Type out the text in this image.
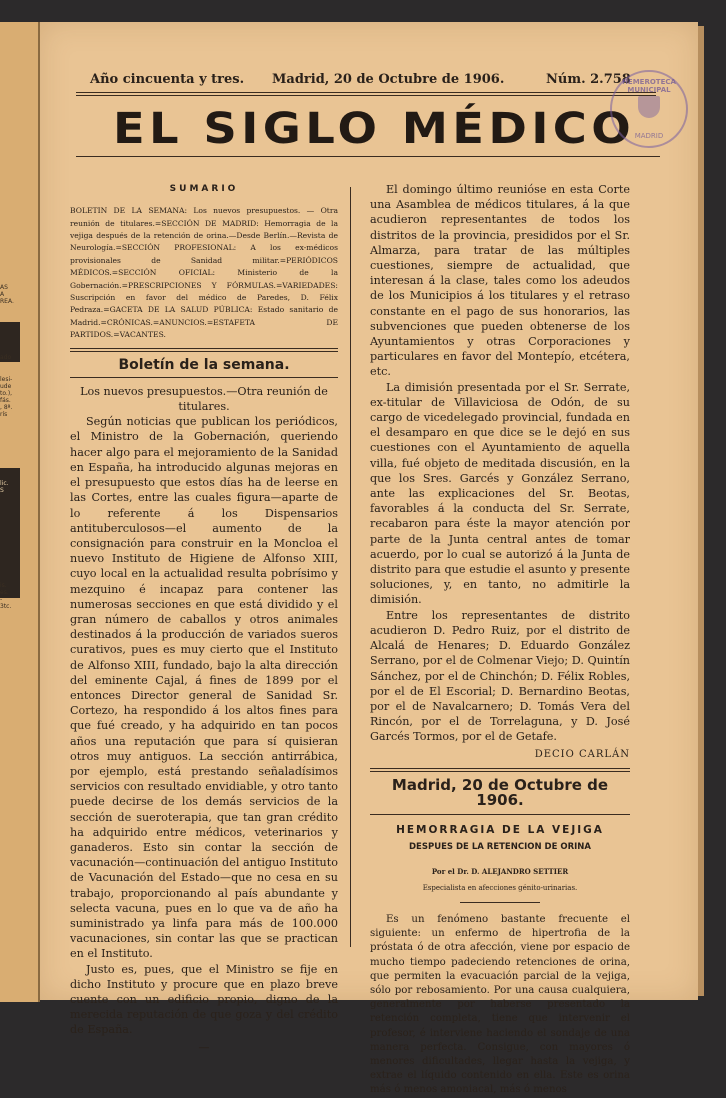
AS
A
REA.
ado
lesi-
ude
to.),
fás.
, 8ª.
rís
lic.
S
is.
es.
-
3tc.
Año cincuenta y tres. Madrid, 20 de Octubre de 1906.	Núm. 2.758
EL SIGLO MÉDICO
HEMEROTECA MUNICIPAL
MADRID
SUMARIO
BOLETIN DE LA SEMANA: Los nuevos presupuestos. — Otra reunión de titulares.=SECCIÓN DE MADRID: Hemorragia de la vejiga después de la retención de orina.—Desde Berlín.—Revista de Neurología.=SECCIÓN PROFESIONAL: A los ex-médicos provisionales de Sanidad militar.=PERIÓDICOS MÉDICOS.=SECCIÓN OFICIAL: Ministerio de la Gobernación.=PRESCRIPCIONES Y FÓRMULAS.=VARIEDADES: Suscripción en favor del médico de Paredes, D. Félix Pedraza.=GACETA DE LA SALUD PÚBLICA: Estado sanitario de Madrid.=CRÓNICAS.=ANUNCIOS.=ESTAFETA DE PARTIDOS.=VACANTES.
Boletín de la semana.

Los nuevos presupuestos.—Otra reunión de titulares.

Según noticias que publican los periódicos, el Ministro de la Gobernación, queriendo hacer algo para el mejoramiento de la Sanidad en España, ha introducido algunas mejoras en el presupuesto que estos días ha de leerse en las Cortes, entre las cuales figura—aparte de lo referente á los Dispensarios antituberculosos—el aumento de la consignación para construir en la Moncloa el nuevo Instituto de Higiene de Alfonso XIII, cuyo local en la actualidad resulta pobrísimo y mezquino é incapaz para contener las numerosas secciones en que está dividido y el gran número de caballos y otros animales destinados á la producción de variados sueros curativos, pues es muy cierto que el Instituto de Alfonso XIII, fundado, bajo la alta dirección del eminente Cajal, á fines de 1899 por el entonces Director general de Sanidad Sr. Cortezo, ha respondido á los altos fines para que fué creado, y ha adquirido en tan pocos años una reputación que para sí quisieran otros muy antiguos. La sección antirrábica, por ejemplo, está prestando señaladísimos servicios con resultado envidiable, y otro tanto puede decirse de los demás servicios de la sección de sueroterapia, que tan gran crédito ha adquirido entre médicos, veterinarios y ganaderos. Esto sin contar la sección de vacunación—continuación del antiguo Instituto de Vacunación del Estado—que no cesa en su trabajo, proporcionando al país abundante y selecta vacuna, pues en lo que va de año ha suministrado ya linfa para más de 100.000 vacunaciones, sin contar las que se practican en el Instituto.

Justo es, pues, que el Ministro se fije en dicho Instituto y procure que en plazo breve cuente con un edificio propio, digno de la merecida reputación de que goza y del crédito de España.

—

El domingo último reunióse en esta Corte una Asamblea de médicos titulares, á la que acudieron representantes de todos los distritos de la provincia, presididos por el Sr. Almarza, para tratar de las múltiples cuestiones, siempre de actualidad, que interesan á la clase, tales como los adeudos de los Municipios á los titulares y el retraso constante en el pago de sus honorarios, las subvenciones que pueden obtenerse de los Ayuntamientos y otras Corporaciones y particulares en favor del Montepío, etcétera, etc.

La dimisión presentada por el Sr. Serrate, ex-titular de Villaviciosa de Odón, de su cargo de vicedelegado provincial, fundada en el desamparo en que dice se le dejó en sus cuestiones con el Ayuntamiento de aquella villa, fué objeto de meditada discusión, en la que los Sres. Garcés y González Serrano, ante las explicaciones del Sr. Beotas, favorables á la conducta del Sr. Serrate, recabaron para éste la mayor atención por parte de la Junta central antes de tomar acuerdo, por lo cual se autorizó á la Junta de distrito para que estudie el asunto y presente soluciones, y, en tanto, no admitirle la dimisión.

Entre los representantes de distrito acudieron D. Pedro Ruiz, por el distrito de Alcalá de Henares; D. Eduardo González Serrano, por el de Colmenar Viejo; D. Quintín Sánchez, por el de Chinchón; D. Félix Robles, por el de El Escorial; D. Bernardino Beotas, por el de Navalcarnero; D. Tomás Vera del Rincón, por el de Torrelaguna, y D. José Garcés Tormos, por el de Getafe.

DECIO CARLÁN
Madrid, 20 de Octubre de 1906.

HEMORRAGIA DE LA VEJIGA

DESPUES DE LA RETENCION DE ORINA

Por el Dr. D. ALEJANDRO SETTIER

Especialista en afecciones génito-urinarias.

Es un fenómeno bastante frecuente el siguiente: un enfermo de hipertrofia de la próstata ó de otra afección, viene por espacio de mucho tiempo padeciendo retenciones de orina, que permiten la evacuación parcial de la vejiga, sólo por rebosamiento. Por una causa cualquiera, generalmente por haberse presentado la retención completa, tiene que intervenir el profesor, é interviene haciendo el sondaje de una manera perfecta. Consigue, con mayores ó menores dificultades, llegar hasta la vejiga, y extrae el líquido contenido en ella. Este es orina más ó menos amoniacal, más ó menos
